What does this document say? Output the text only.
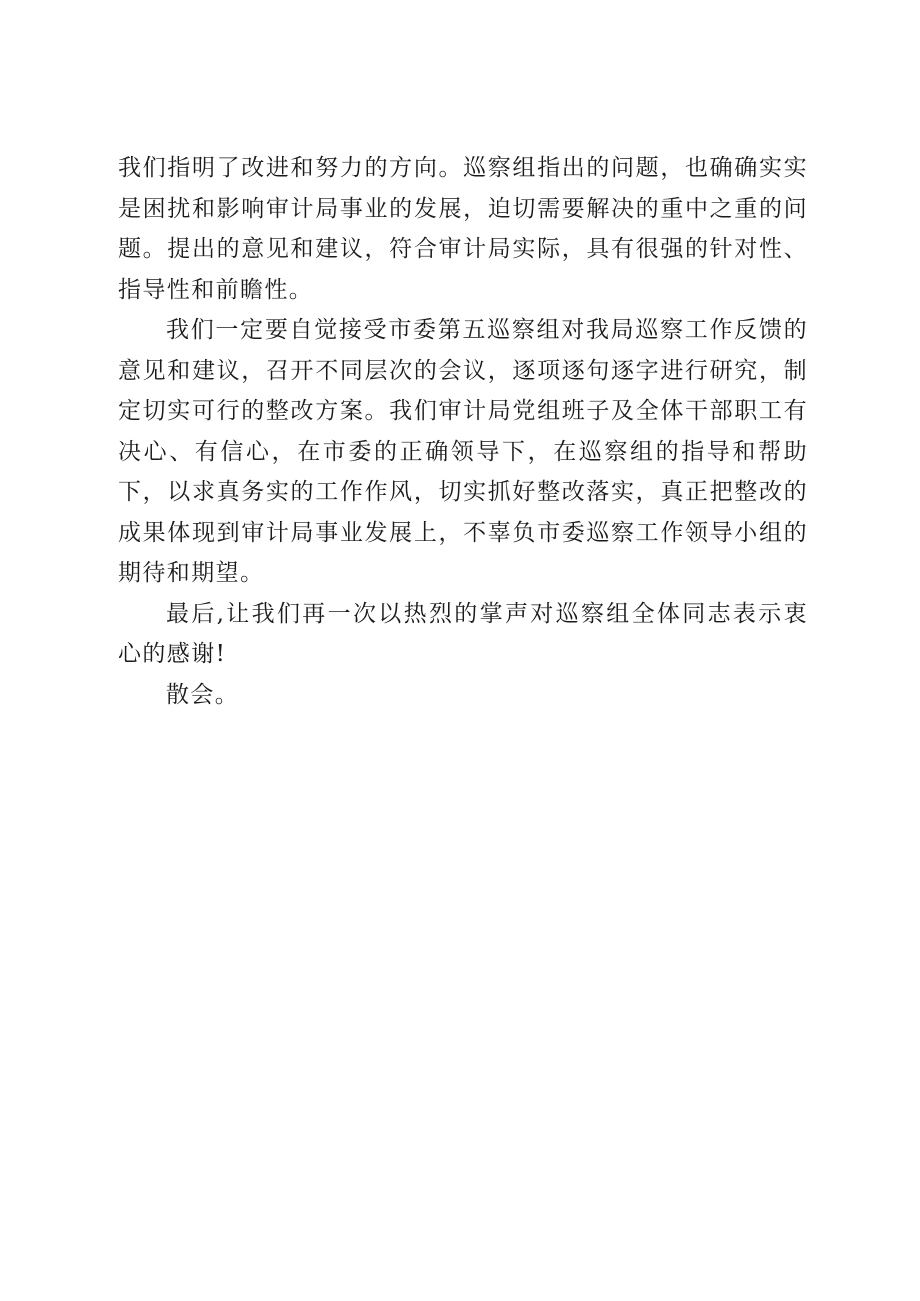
我们指明了改进和努力的方向。巡察组指出的问题，也确确实实是困扰和影响审计局事业的发展，迫切需要解决的重中之重的问题。提出的意见和建议，符合审计局实际，具有很强的针对性、指导性和前瞻性。

我们一定要自觉接受市委第五巡察组对我局巡察工作反馈的意见和建议，召开不同层次的会议，逐项逐句逐字进行研究，制定切实可行的整改方案。我们审计局党组班子及全体干部职工有决心、有信心，在市委的正确领导下，在巡察组的指导和帮助下，以求真务实的工作作风，切实抓好整改落实，真正把整改的成果体现到审计局事业发展上，不辜负市委巡察工作领导小组的期待和期望。

最后,让我们再一次以热烈的掌声对巡察组全体同志表示衷心的感谢!

散会。
